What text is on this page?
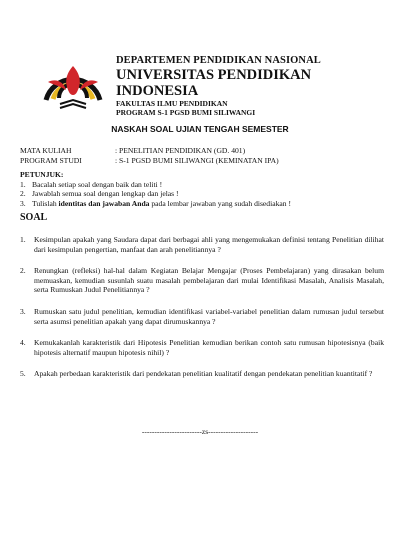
DEPARTEMEN PENDIDIKAN NASIONAL
UNIVERSITAS PENDIDIKAN INDONESIA
FAKULTAS ILMU PENDIDIKAN
PROGRAM S-1 PGSD BUMI SILIWANGI
NASKAH SOAL UJIAN TENGAH SEMESTER
MATA KULIAH	: PENELITIAN PENDIDIKAN (GD. 401)
PROGRAM STUDI	: S-1 PGSD BUMI SILIWANGI (KEMINATAN IPA)
PETUNJUK:
1. Bacalah setiap soal dengan baik dan teliti !
2. Jawablah semua soal dengan lengkap dan jelas !
3. Tulislah identitas dan jawaban Anda pada lembar jawaban yang sudah disediakan !
SOAL
1.	Kesimpulan apakah yang Saudara dapat dari berbagai ahli yang mengemukakan definisi tentang Penelitian dilihat dari kesimpulan pengertian, manfaat dan arah penelitiannya ?
2.	Renungkan (refleksi) hal-hal dalam Kegiatan Belajar Mengajar (Proses Pembelajaran) yang dirasakan belum memuaskan, kemudian susunlah suatu masalah pembelajaran dari mulai Identifikasi Masalah, Analisis Masalah, serta Rumuskan Judul Penelitiannya ?
3.	Rumuskan satu judul penelitian, kemudian identifikasi variabel-variabel penelitian dalam rumusan judul tersebut serta asumsi penelitian apakah yang dapat dirumuskannya ?
4.	Kemukakanlah karakteristik dari Hipotesis Penelitian kemudian berikan contoh satu rumusan hipotesisnya (baik hipotesis alternatif maupun hipotesis nihil) ?
5.	Apakah perbedaan karakteristik dari pendekatan penelitian kualitatif dengan pendekatan penelitian kuantitatif ?
------------------------zs--------------------
